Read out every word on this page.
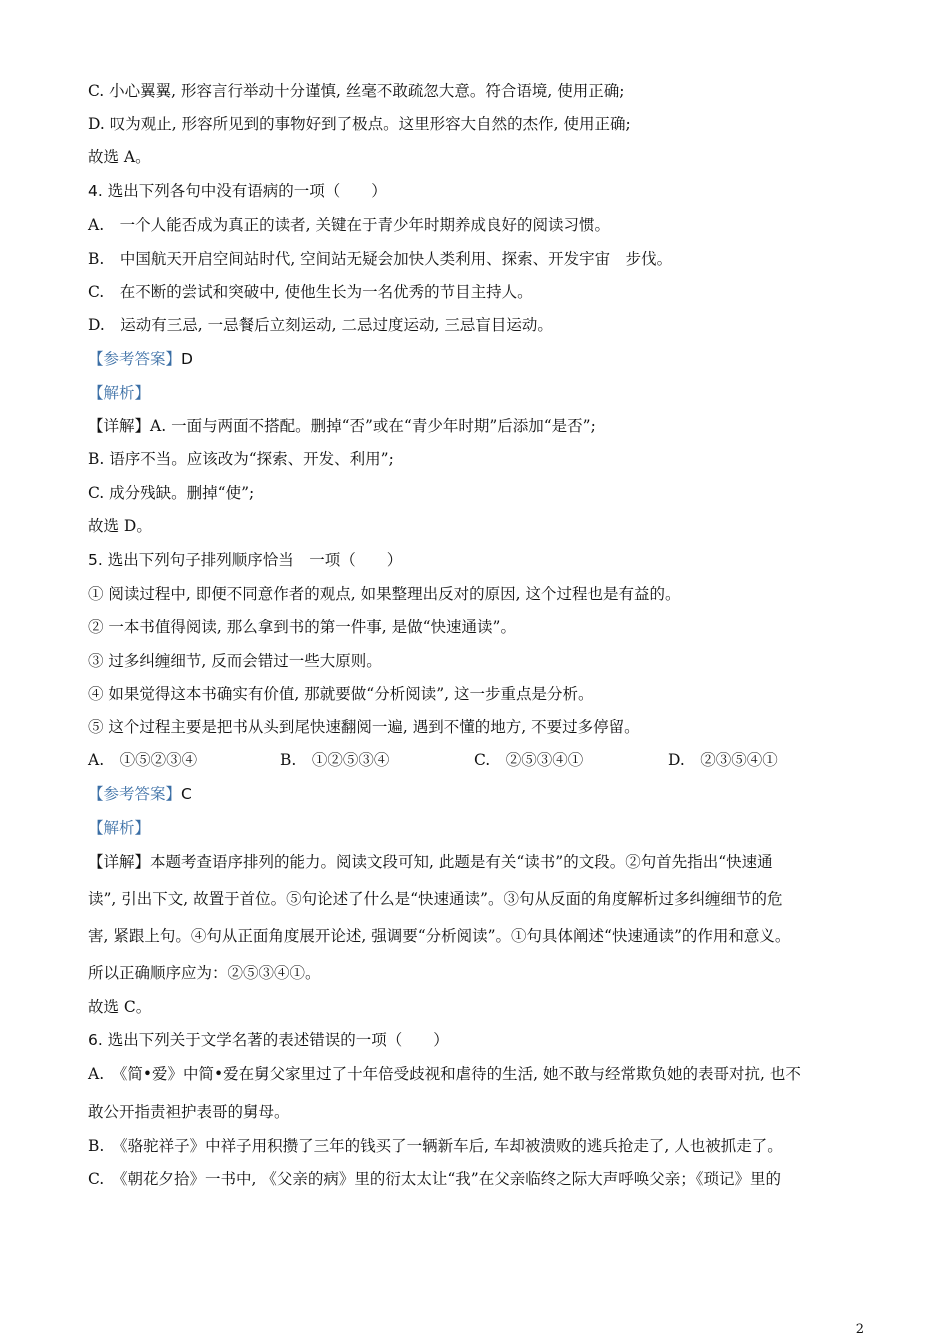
C. 小心翼翼, 形容言行举动十分谨慎, 丝毫不敢疏忽大意。符合语境, 使用正确;
D. 叹为观止, 形容所见到的事物好到了极点。这里形容大自然的杰作, 使用正确;
故选 A。
4. 选出下列各句中没有语病的一项（　　）
A.　一个人能否成为真正的读者, 关键在于青少年时期养成良好的阅读习惯。
B.　中国航天开启空间站时代, 空间站无疑会加快人类利用、探索、开发宇宙　步伐。
C.　在不断的尝试和突破中, 使他生长为一名优秀的节目主持人。
D.　运动有三忌, 一忌餐后立刻运动, 二忌过度运动, 三忌盲目运动。
【参考答案】D
【解析】
【详解】A. 一面与两面不搭配。删掉“否”或在“青少年时期”后添加“是否”;
B. 语序不当。应该改为“探索、开发、利用”;
C. 成分残缺。删掉“使”;
故选 D。
5. 选出下列句子排列顺序恰当　一项（　　）
① 阅读过程中, 即便不同意作者的观点, 如果整理出反对的原因, 这个过程也是有益的。
② 一本书值得阅读, 那么拿到书的第一件事, 是做“快速通读”。
③ 过多纠缠细节, 反而会错过一些大原则。
④ 如果觉得这本书确实有价值, 那就要做“分析阅读”, 这一步重点是分析。
⑤ 这个过程主要是把书从头到尾快速翻阅一遍, 遇到不懂的地方, 不要过多停留。
A.　①⑤②③④	B.　①②⑤③④	C.　②⑤③④①	D.　②③⑤④①
【参考答案】C
【解析】
【详解】本题考查语序排列的能力。阅读文段可知, 此题是有关“读书”的文段。②句首先指出“快速通
读”, 引出下文, 故置于首位。⑤句论述了什么是“快速通读”。③句从反面的角度解析过多纠缠细节的危
害, 紧跟上句。④句从正面角度展开论述, 强调要“分析阅读”。①句具体阐述“快速通读”的作用和意义。
所以正确顺序应为：②⑤③④①。
故选 C。
6. 选出下列关于文学名著的表述错误的一项（　　）
A.　《简•爱》中简•爱在舅父家里过了十年倍受歧视和虐待的生活, 她不敢与经常欺负她的表哥对抗, 也不
敢公开指责袒护表哥的舅母。
B.　《骆驼祥子》中祥子用积攒了三年的钱买了一辆新车后, 车却被溃败的逃兵抢走了, 人也被抓走了。
C.　《朝花夕拾》一书中, 《父亲的病》里的衍太太让“我”在父亲临终之际大声呼唤父亲；《琐记》里的
2
